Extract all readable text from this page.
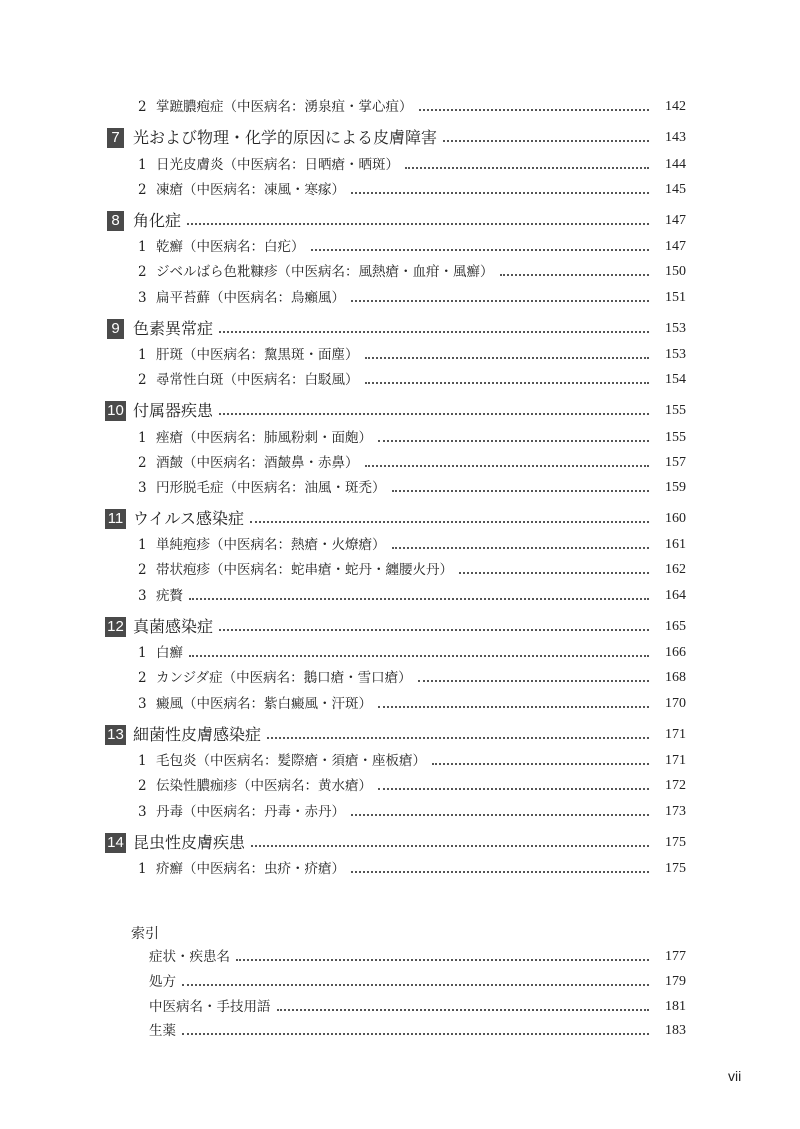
2 掌蹠膿疱症（中医病名：湧泉疽・掌心疽）	142
7 光および物理・化学的原因による皮膚障害	143
1 日光皮膚炎（中医病名：日晒瘡・晒斑）	144
2 凍瘡（中医病名：凍風・寒瘃）	145
8 角化症	147
1 乾癬（中医病名：白疕）	147
2 ジベルばら色粃糠疹（中医病名：風熱瘡・血疳・風癬）	150
3 扁平苔蘚（中医病名：烏癩風）	151
9 色素異常症	153
1 肝斑（中医病名：黧黒斑・面塵）	153
2 尋常性白斑（中医病名：白駁風）	154
10 付属器疾患	155
1 痤瘡（中医病名：肺風粉刺・面皰）	155
2 酒皶（中医病名：酒皶鼻・赤鼻）	157
3 円形脱毛症（中医病名：油風・斑禿）	159
11 ウイルス感染症	160
1 単純疱疹（中医病名：熱瘡・火燎瘡）	161
2 帯状疱疹（中医病名：蛇串瘡・蛇丹・纏腰火丹）	162
3 疣贅	164
12 真菌感染症	165
1 白癬	166
2 カンジダ症（中医病名：鵝口瘡・雪口瘡）	168
3 癜風（中医病名：紫白癜風・汗斑）	170
13 細菌性皮膚感染症	171
1 毛包炎（中医病名：髪際瘡・須瘡・座板瘡）	171
2 伝染性膿痂疹（中医病名：黄水瘡）	172
3 丹毒（中医病名：丹毒・赤丹）	173
14 昆虫性皮膚疾患	175
1 疥癬（中医病名：虫疥・疥瘡）	175
索引
症状・疾患名	177
処方	179
中医病名・手技用語	181
生薬	183
vii
